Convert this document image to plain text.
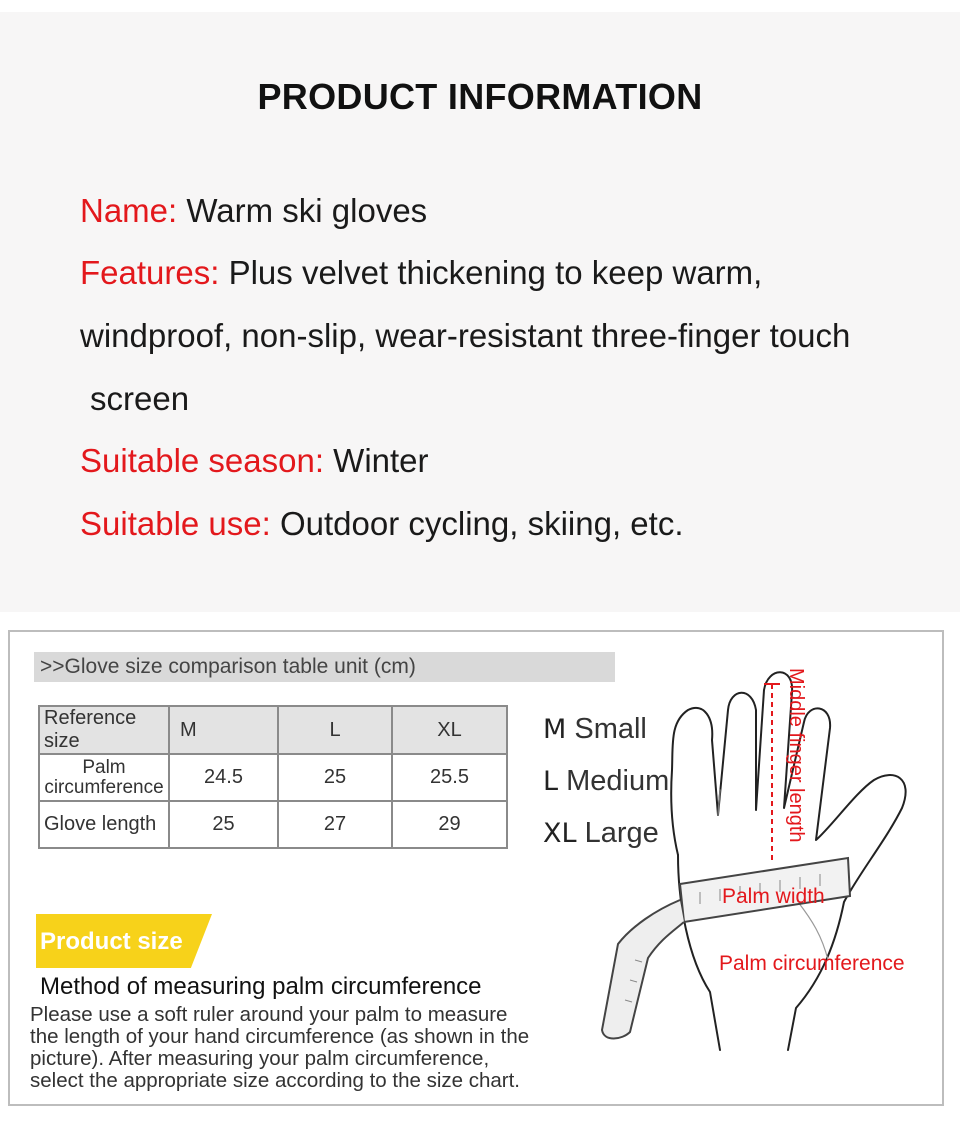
PRODUCT INFORMATION
Name: Warm ski gloves
Features: Plus velvet thickening to keep warm,
windproof, non-slip, wear-resistant three-finger touch
screen
Suitable season: Winter
Suitable use: Outdoor cycling, skiing, etc.
>>Glove size comparison table unit (cm)
Reference size	M	L	XL

Palm
circumference	24.5	25	25.5
Glove length	25	27	29	Middle finger length
Palm width
Palm circumference
M Small
L Medium
XL Large
Product size
Method of measuring palm circumference
Please use a soft ruler around your palm to measure
the length of your hand circumference (as shown in the
picture). After measuring your palm circumference,
select the appropriate size according to the size chart.
